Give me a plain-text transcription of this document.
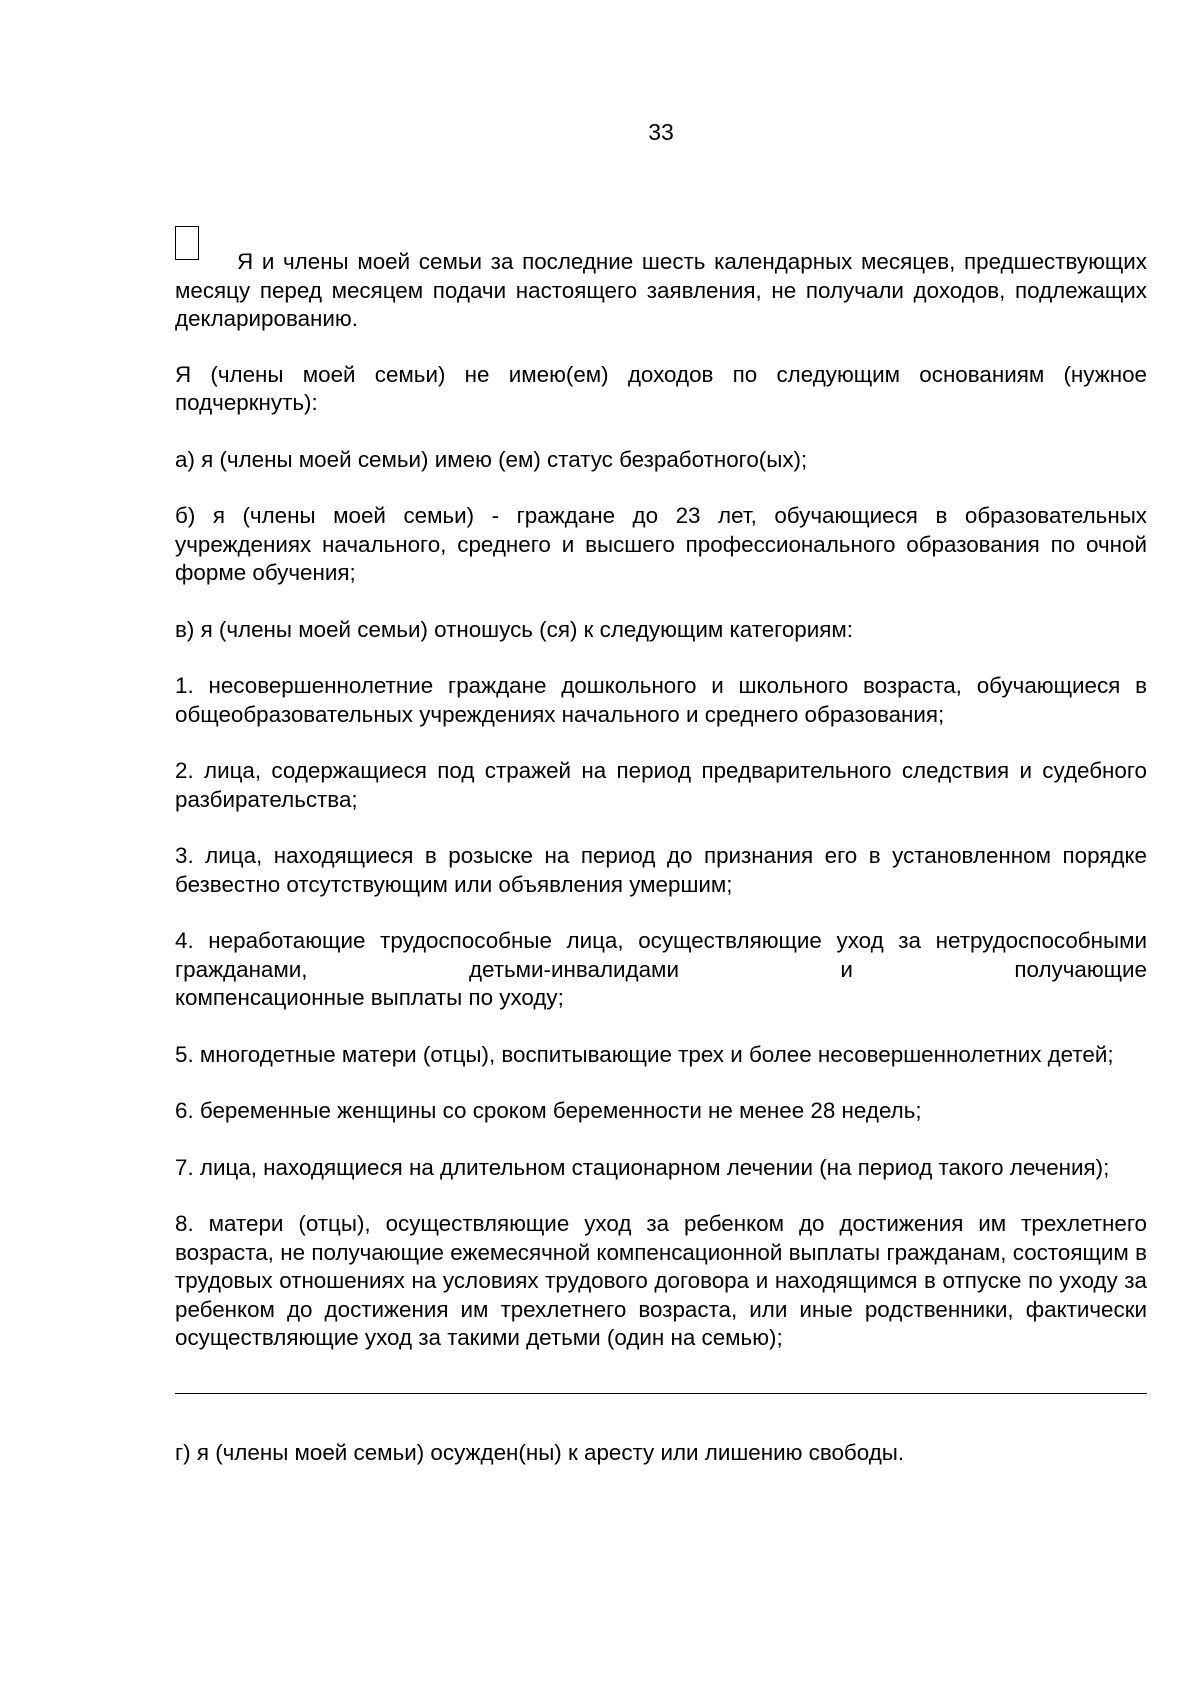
33

Я и члены моей семьи за последние шесть календарных месяцев, предшествующих месяцу перед месяцем подачи настоящего заявления, не получали доходов, подлежащих декларированию.

Я (члены моей семьи) не имею(ем) доходов по следующим основаниям (нужное подчеркнуть):

а) я (члены моей семьи) имею (ем) статус безработного(ых);

б) я (члены моей семьи) - граждане до 23 лет, обучающиеся в образовательных учреждениях начального, среднего и высшего профессионального образования по очной форме обучения;

в) я (члены моей семьи) отношусь (ся) к следующим категориям:

1. несовершеннолетние граждане дошкольного и школьного возраста, обучающиеся в общеобразовательных учреждениях начального и среднего образования;

2. лица, содержащиеся под стражей на период предварительного следствия и судебного разбирательства;

3. лица, находящиеся в розыске на период до признания его в установленном порядке безвестно отсутствующим или объявления умершим;

4. неработающие трудоспособные лица, осуществляющие уход за нетрудоспособными гражданами, детьми-инвалидами и получающие
компенсационные выплаты по уходу;

5. многодетные матери (отцы), воспитывающие трех и более несовершеннолетних детей;

6. беременные женщины со сроком беременности не менее 28 недель;

7. лица, находящиеся на длительном стационарном лечении (на период такого лечения);

8. матери (отцы), осуществляющие уход за ребенком до достижения им трехлетнего возраста, не получающие ежемесячной компенсационной выплаты гражданам, состоящим в трудовых отношениях на условиях трудового договора и находящимся в отпуске по уходу за ребенком до достижения им трехлетнего возраста, или иные родственники, фактически осуществляющие уход за такими детьми (один на семью);

г) я (члены моей семьи) осужден(ны) к аресту или лишению свободы.
